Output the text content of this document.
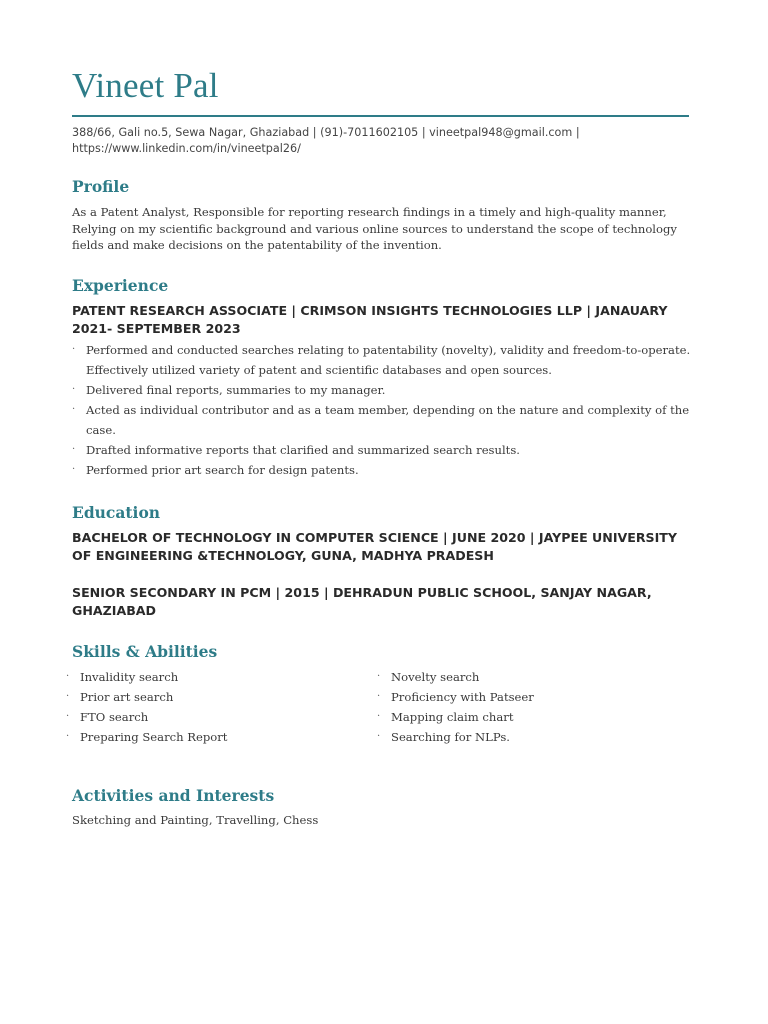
Vineet Pal
388/66, Gali no.5, Sewa Nagar, Ghaziabad | (91)-7011602105 | vineetpal948@gmail.com |
https://www.linkedin.com/in/vineetpal26/
Profile
As a Patent Analyst, Responsible for reporting research findings in a timely and high-quality manner, Relying on my scientific background and various online sources to understand the scope of technology fields and make decisions on the patentability of the invention.
Experience
PATENT RESEARCH ASSOCIATE | CRIMSON INSIGHTS TECHNOLOGIES LLP | JANAUARY 2021- SEPTEMBER 2023
· Performed and conducted searches relating to patentability (novelty), validity and freedom-to-operate. Effectively utilized variety of patent and scientific databases and open sources.
· Delivered final reports, summaries to my manager.
· Acted as individual contributor and as a team member, depending on the nature and complexity of the case.
· Drafted informative reports that clarified and summarized search results.
· Performed prior art search for design patents.
Education
BACHELOR OF TECHNOLOGY IN COMPUTER SCIENCE | JUNE 2020 | JAYPEE UNIVERSITY OF ENGINEERING &TECHNOLOGY, GUNA, MADHYA PRADESH
SENIOR SECONDARY IN PCM | 2015 | DEHRADUN PUBLIC SCHOOL, SANJAY NAGAR, GHAZIABAD
Skills & Abilities
· Invalidity search
· Prior art search
· FTO search
· Preparing Search Report
· Novelty search
· Proficiency with Patseer
· Mapping claim chart
· Searching for NLPs.
Activities and Interests
Sketching and Painting, Travelling, Chess
